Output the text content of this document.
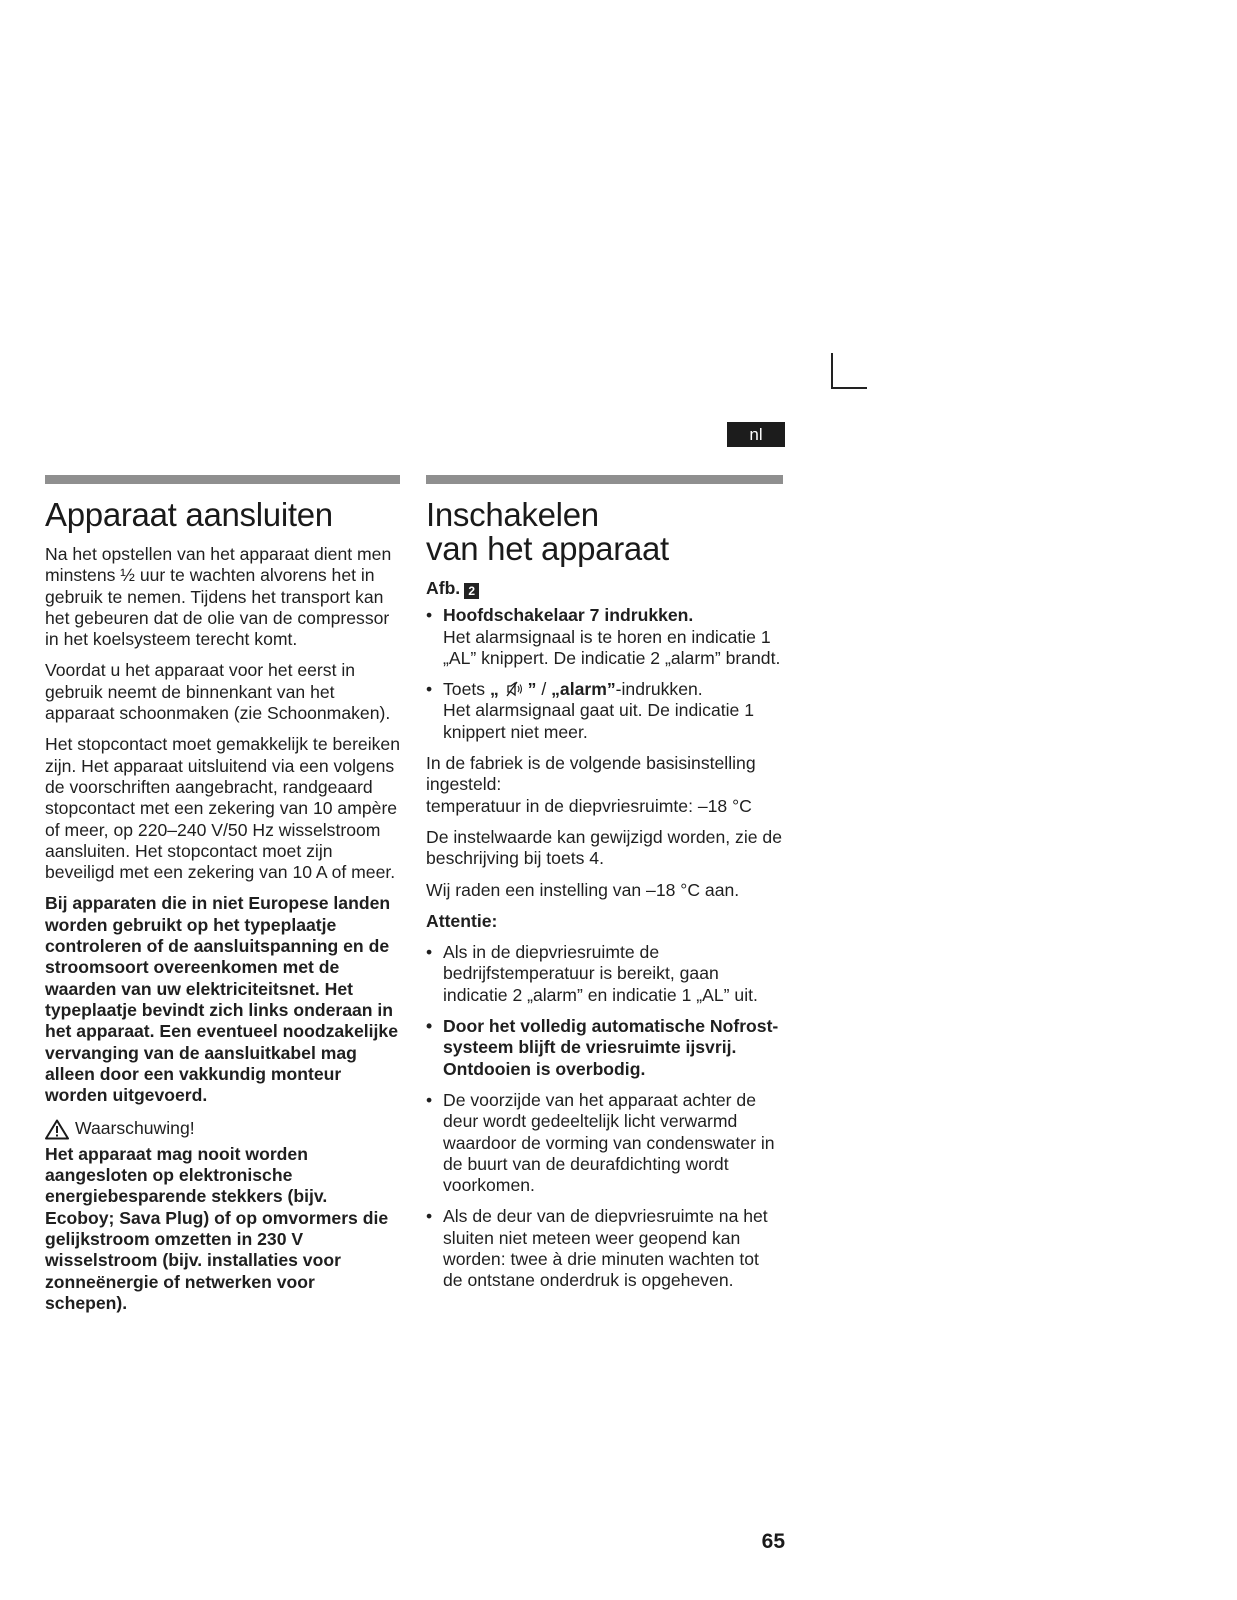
nl
Apparaat aansluiten

Na het opstellen van het apparaat dient men minstens ½ uur te wachten alvorens het in gebruik te nemen. Tijdens het transport kan het gebeuren dat de olie van de compressor in het koelsysteem terecht komt.

Voordat u het apparaat voor het eerst in gebruik neemt de binnenkant van het apparaat schoonmaken (zie Schoonmaken).

Het stopcontact moet gemakkelijk te bereiken zijn. Het apparaat uitsluitend via een volgens de voorschriften aangebracht, randgeaard stopcontact met een zekering van 10 ampère of meer, op 220–240 V/50 Hz wisselstroom aansluiten. Het stopcontact moet zijn beveiligd met een zekering van 10 A of meer.

Bij apparaten die in niet Europese landen worden gebruikt op het typeplaatje controleren of de aansluitspanning en de stroomsoort overeenkomen met de waarden van uw elektriciteitsnet. Het typeplaatje bevindt zich links onderaan in het apparaat. Een eventueel noodzakelijke vervanging van de aansluitkabel mag alleen door een vakkundig monteur worden uitgevoerd.

Waarschuwing!

Het apparaat mag nooit worden aangesloten op elektronische energiebesparende stekkers (bijv. Ecoboy; Sava Plug) of op omvormers die gelijkstroom omzetten in 230 V wisselstroom (bijv. installaties voor zonneënergie of netwerken voor schepen).

Inschakelen
van het apparaat
Afb. 2
• Hoofdschakelaar 7 indrukken.
Het alarmsignaal is te horen en indicatie 1 „AL” knippert. De indicatie 2 „alarm” brandt.
• Toets „ ” / „alarm”-indrukken.
Het alarmsignaal gaat uit. De indicatie 1 knippert niet meer.

In de fabriek is de volgende basisinstelling ingesteld:
temperatuur in de diepvriesruimte: –18 °C

De instelwaarde kan gewijzigd worden, zie de beschrijving bij toets 4.

Wij raden een instelling van –18 °C aan.

Attentie:

• Als in de diepvriesruimte de bedrijfstemperatuur is bereikt, gaan indicatie 2 „alarm” en indicatie 1 „AL” uit.
• Door het volledig automatische Nofrost-systeem blijft de vriesruimte ijsvrij. Ontdooien is overbodig.
• De voorzijde van het apparaat achter de deur wordt gedeeltelijk licht verwarmd waardoor de vorming van condenswater in de buurt van de deurafdichting wordt voorkomen.
• Als de deur van de diepvriesruimte na het sluiten niet meteen weer geopend kan worden: twee à drie minuten wachten tot de ontstane onderdruk is opgeheven.
65
